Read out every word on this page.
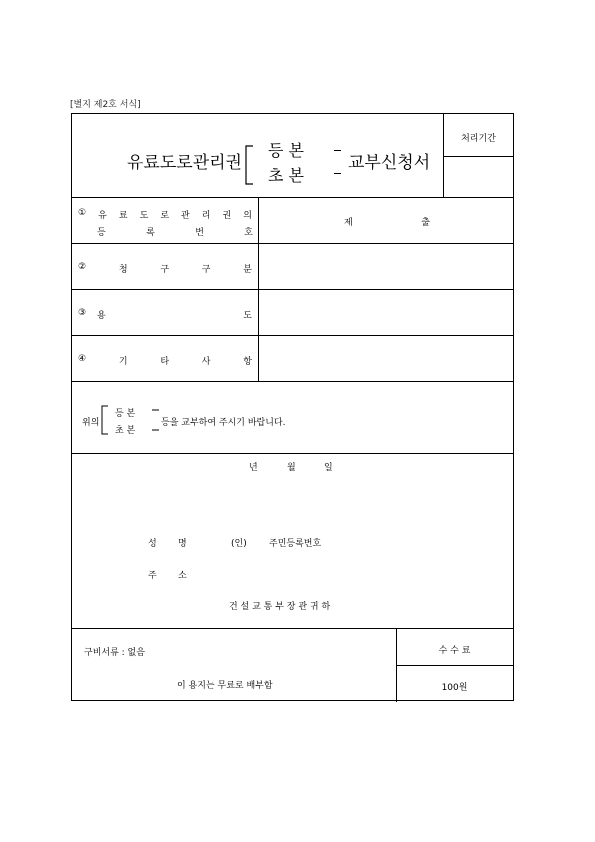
[별지 제2호 서식]
유료도로관리권
등 본
초 본
교부신청서
처리기간
① 유 료 도 로 관 리 권 의
등	록	번	호
제	출
②	청	구	구	분
③ 용	도
④	기	타	사	항
위의
등 본
초 본
등을 교부하여 주시기 바랍니다.
년	월	일
성 명	(인) 주민등록번호
주 소
건 설 교 통 부 장 관 귀 하
구비서류 : 없음
이 용지는 무료로 배부함
수 수 료
100원
